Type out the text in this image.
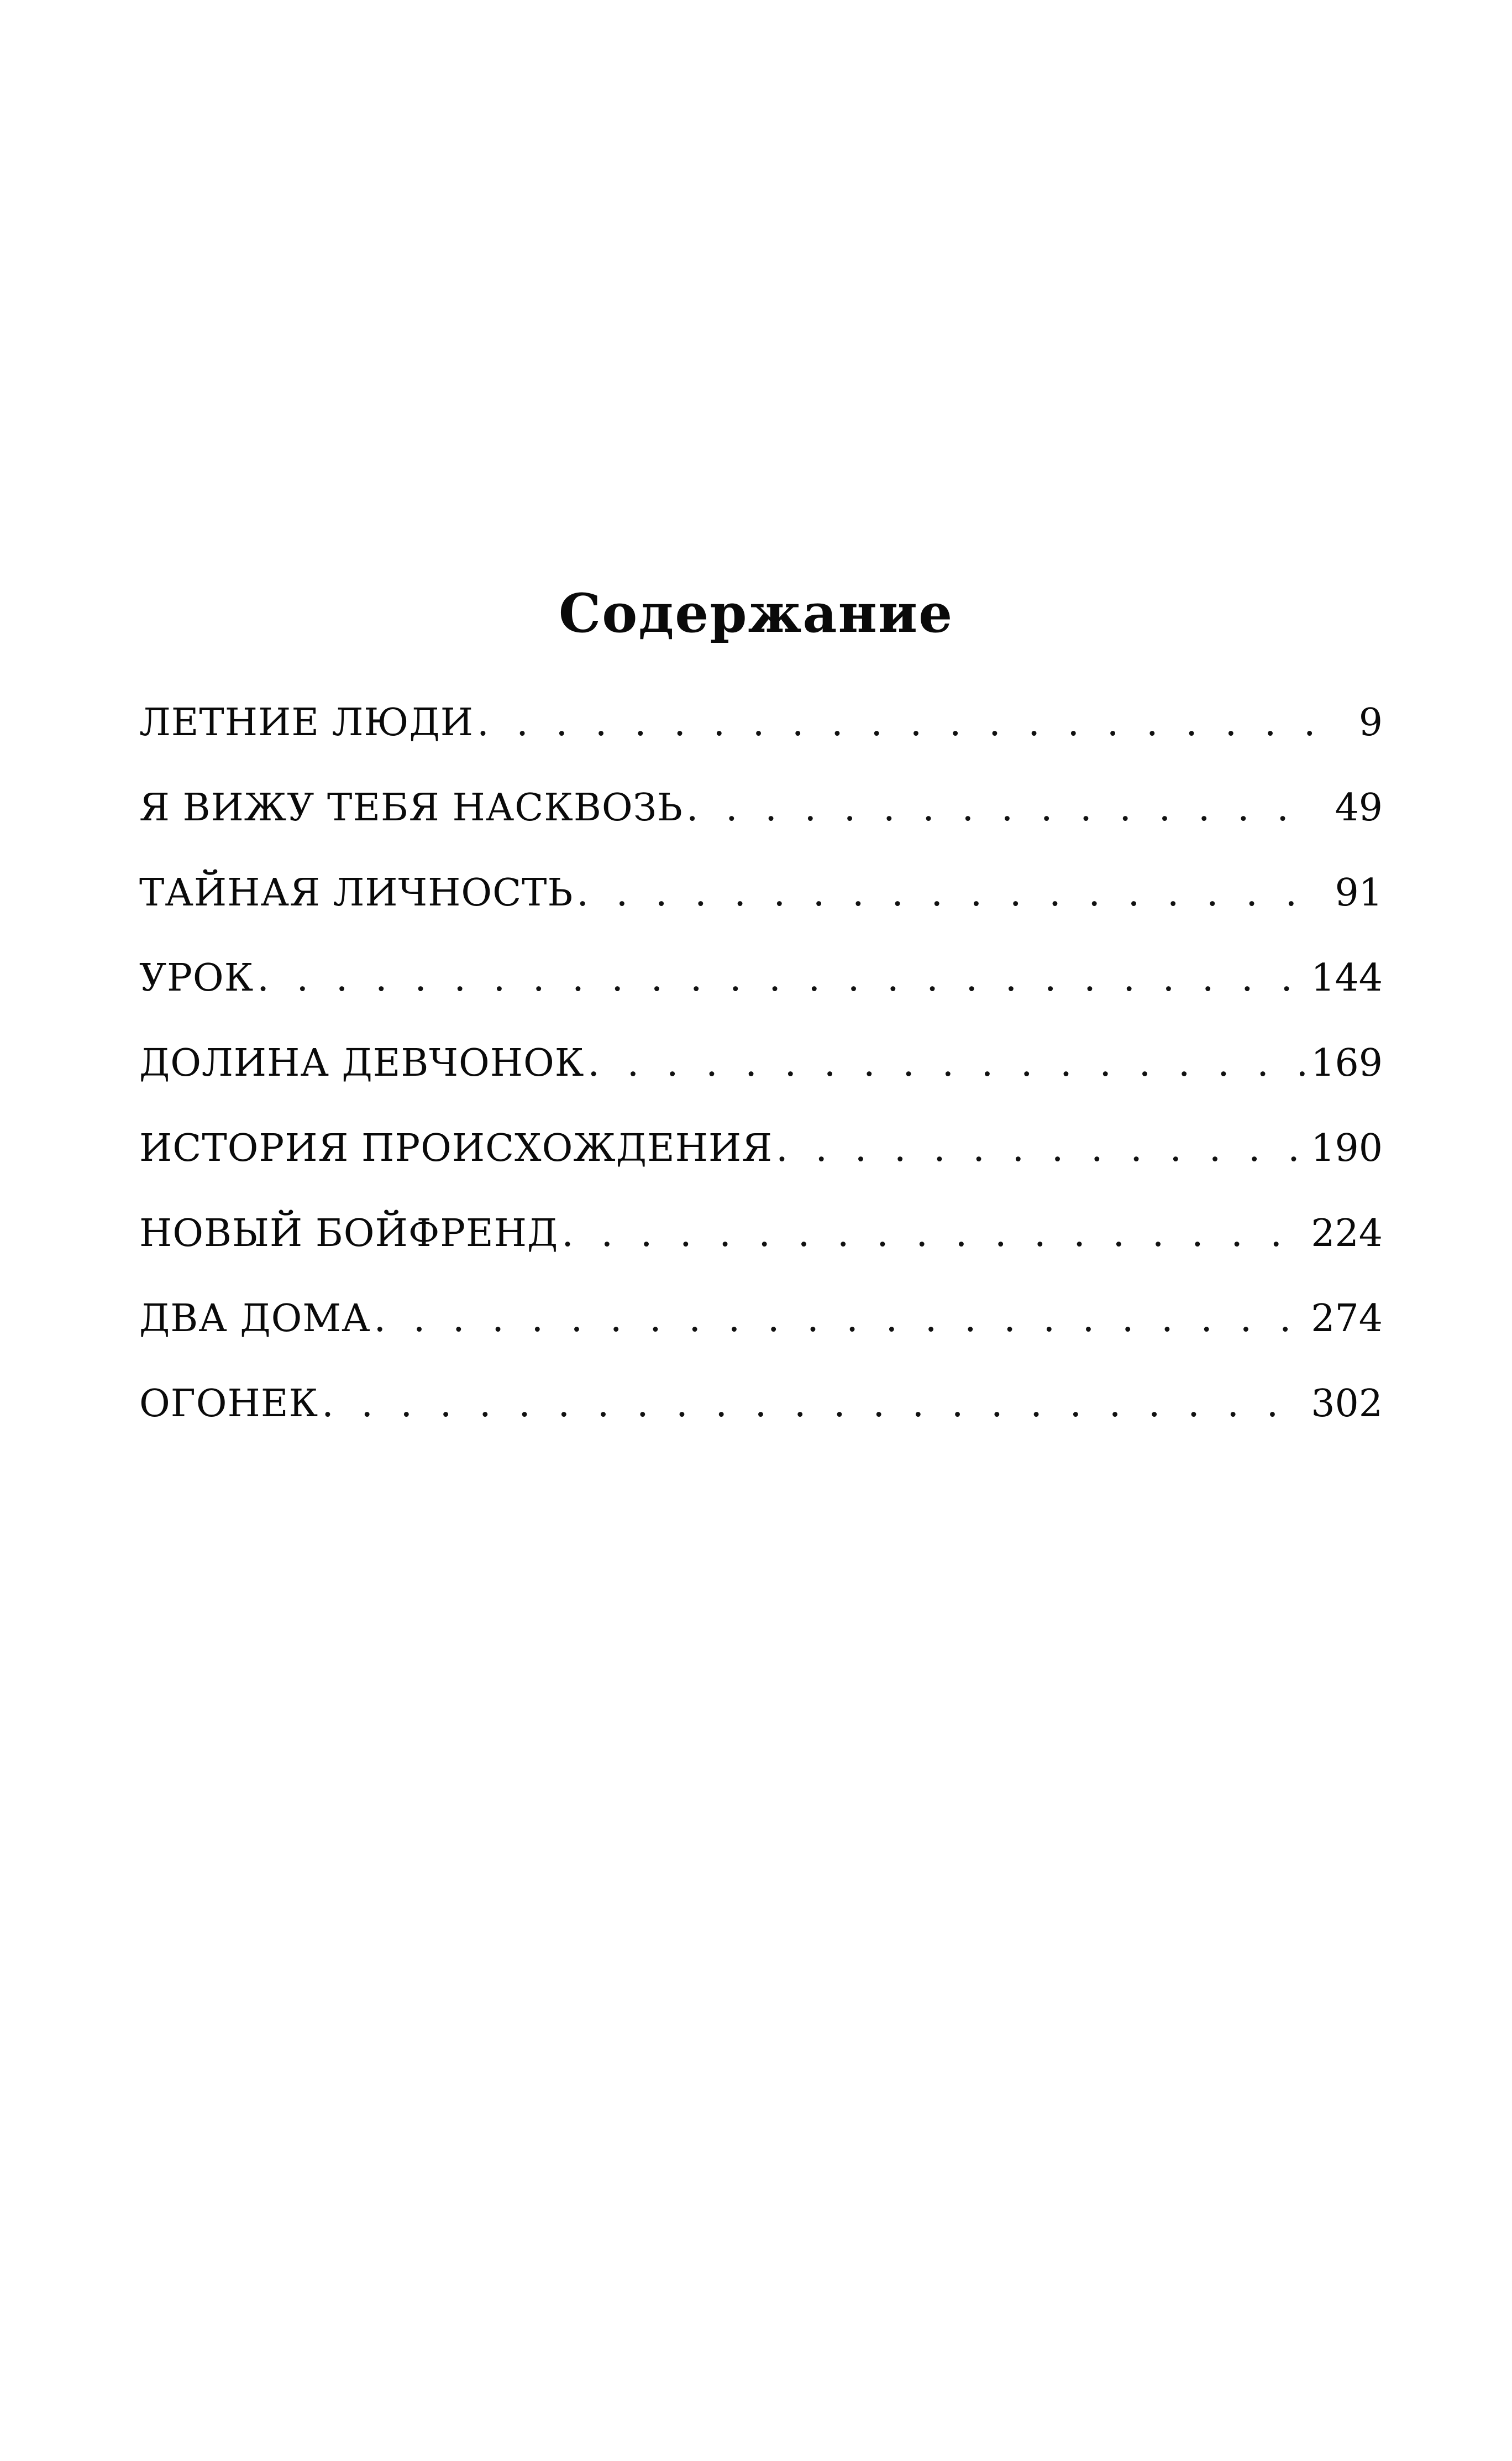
Содержание
ЛЕТНИЕ ЛЮДИ . . .	9
Я ВИЖУ ТЕБЯ НАСКВОЗЬ . . .	49
ТАЙНАЯ ЛИЧНОСТЬ . . .	91
УРОК . . .	144
ДОЛИНА ДЕВЧОНОК . . .	169
ИСТОРИЯ ПРОИСХОЖДЕНИЯ . . .	190
НОВЫЙ БОЙФРЕНД . . .	224
ДВА ДОМА . . .	274
ОГОНЕК . . .	302
